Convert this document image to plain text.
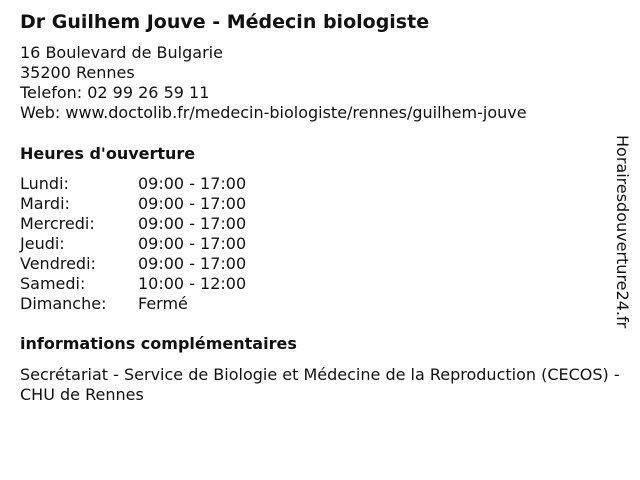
Dr Guilhem Jouve - Médecin biologiste
16 Boulevard de Bulgarie
35200 Rennes
Telefon: 02 99 26 59 11
Web: www.doctolib.fr/medecin-biologiste/rennes/guilhem-jouve
Heures d'ouverture
Lundi:	09:00 - 17:00
Mardi:	09:00 - 17:00
Mercredi:	09:00 - 17:00
Jeudi:	09:00 - 17:00
Vendredi:	09:00 - 17:00
Samedi:	10:00 - 12:00
Dimanche:	Fermé
informations complémentaires
Secrétariat - Service de Biologie et Médecine de la Reproduction (CECOS) - CHU de Rennes
Horairesdouverture24.fr
